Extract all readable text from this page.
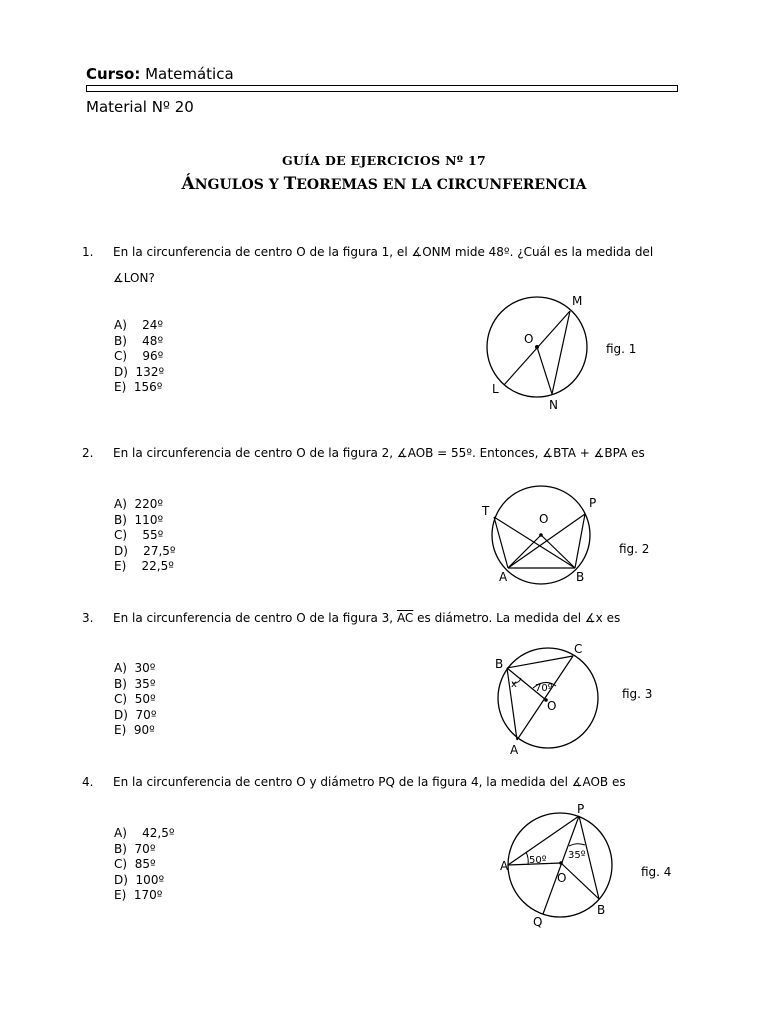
Curso: Matemática
Material Nº 20
GUÍA DE EJERCICIOS Nº 17
ÁNGULOS Y TEOREMAS EN LA CIRCUNFERENCIA
1. En la circunferencia de centro O de la figura 1, el ∡ONM mide 48º. ¿Cuál es la medida del ∡LON?
A)    24º
B)    48º
C)    96º
D)  132º
E)  156º
M
O
L
N
fig. 1
2. En la circunferencia de centro O de la figura 2, ∡AOB = 55º. Entonces, ∡BTA + ∡BPA es
A)  220º
B)  110º
C)    55º
D)    27,5º
E)    22,5º
T
P
O
A	B
fig. 2
3. En la circunferencia de centro O de la figura 3, $\overline{AC}$ es diámetro. La medida del ∡x es
A)  30º
B)  35º
C)  50º
D)  70º
E)  90º
B
C
O
A
x 70º	fig. 3
4. En la circunferencia de centro O y diámetro PQ de la figura 4, la medida del ∡AOB es
A)    42,5º
B)  70º
C)  85º
D)  100º
E)  170º
P
A
O
Q
B
50º 35º
fig. 4
